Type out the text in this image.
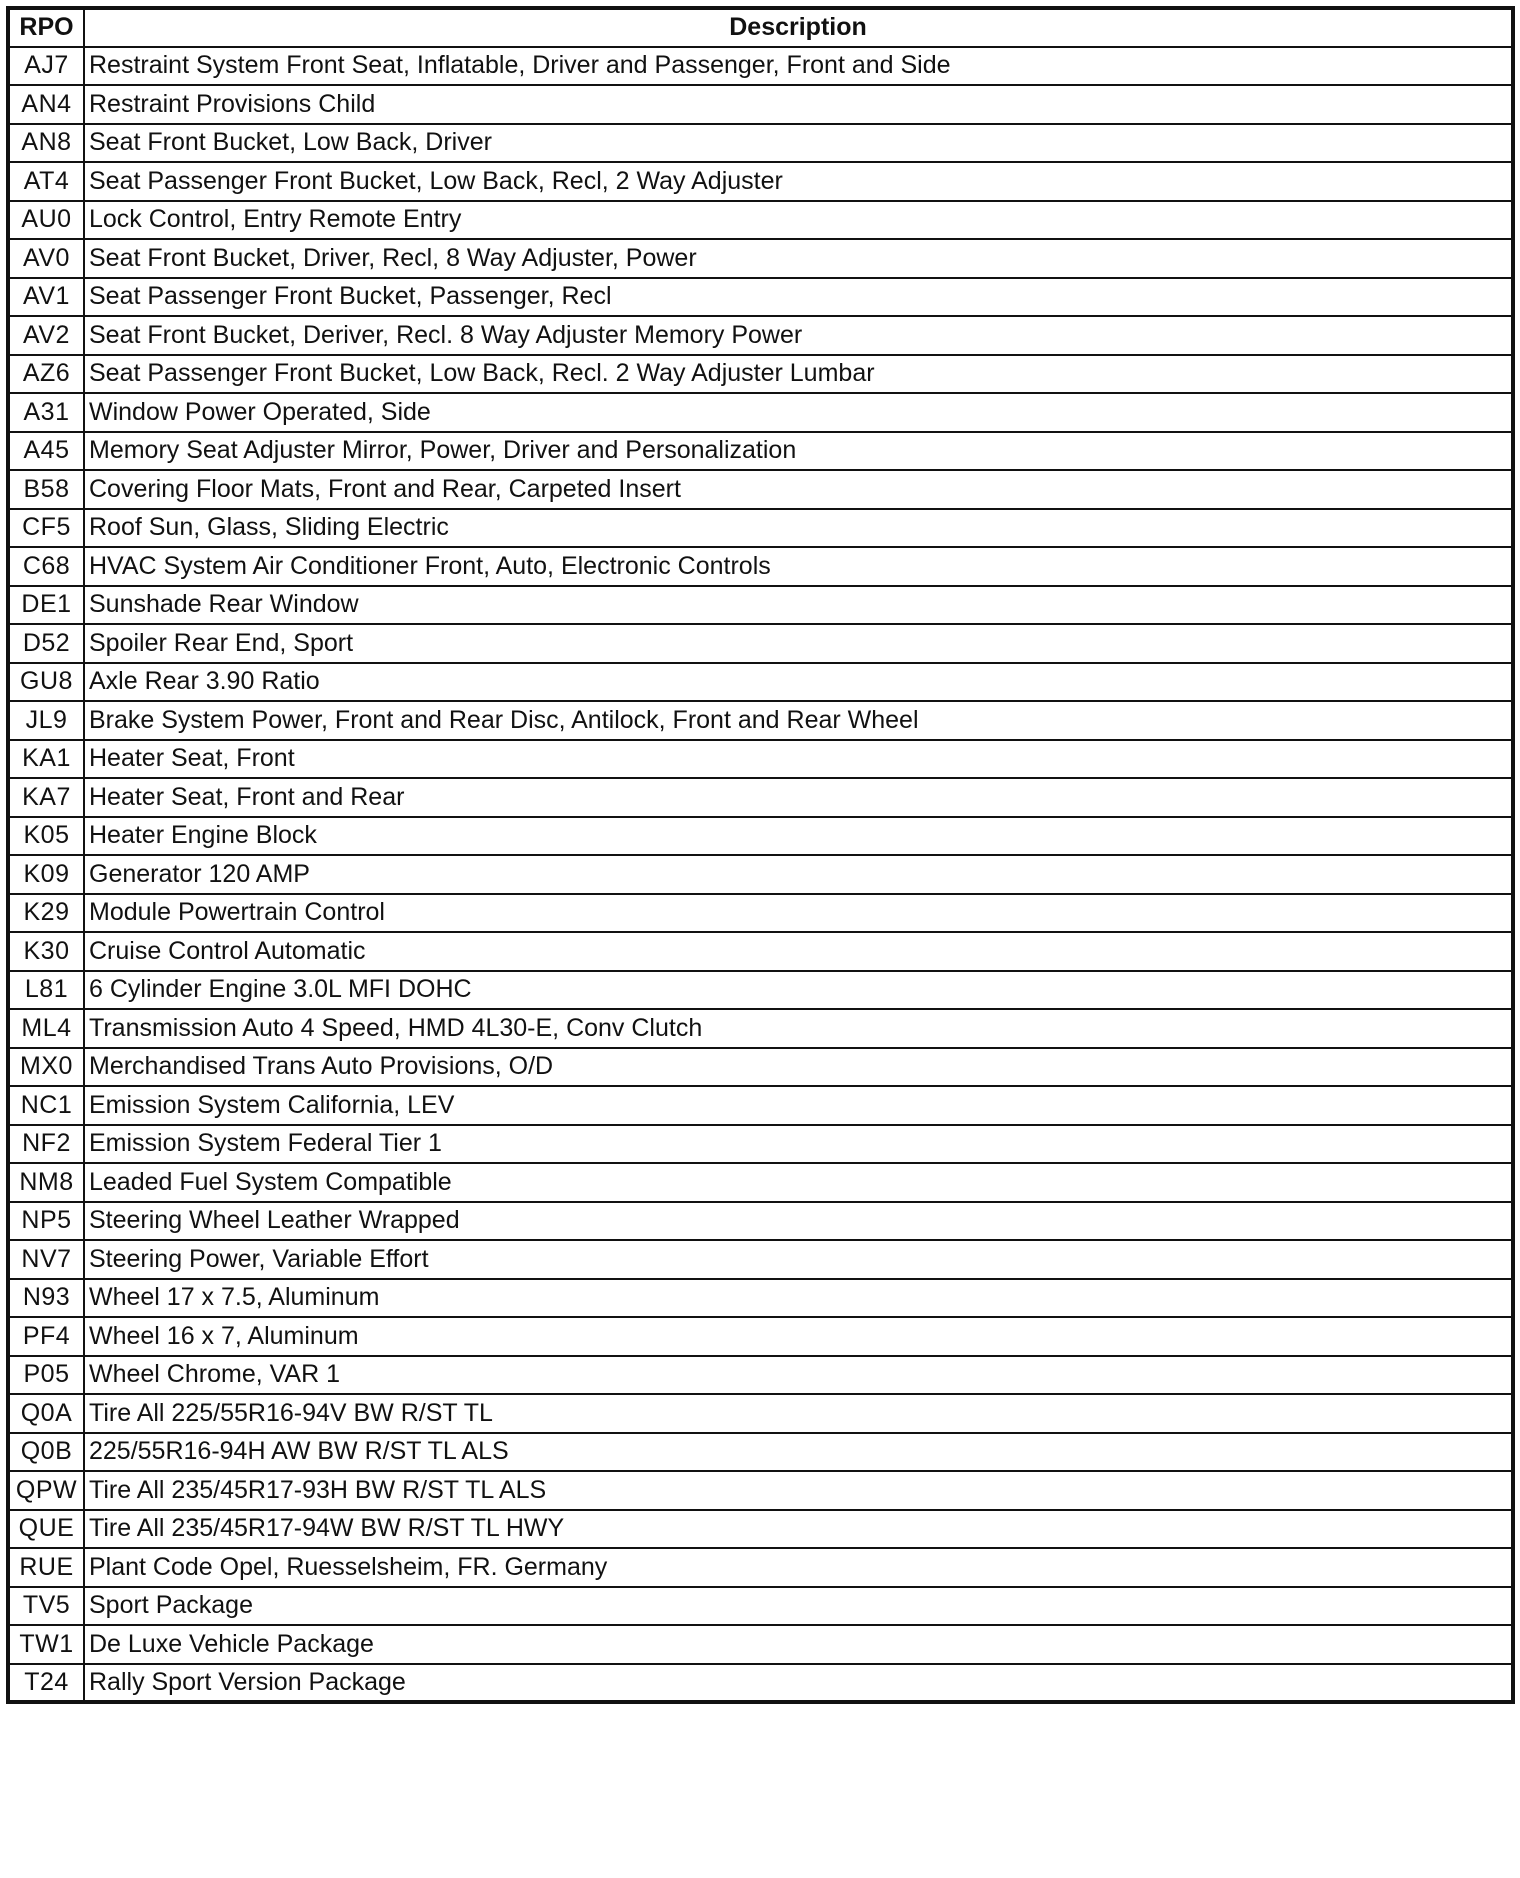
RPO	Description
AJ7	Restraint System Front Seat, Inflatable, Driver and Passenger, Front and Side
AN4	Restraint Provisions Child
AN8	Seat Front Bucket, Low Back, Driver
AT4	Seat Passenger Front Bucket, Low Back, Recl, 2 Way Adjuster
AU0	Lock Control, Entry Remote Entry
AV0	Seat Front Bucket, Driver, Recl, 8 Way Adjuster, Power
AV1	Seat Passenger Front Bucket, Passenger, Recl
AV2	Seat Front Bucket, Deriver, Recl. 8 Way Adjuster Memory Power
AZ6	Seat Passenger Front Bucket, Low Back, Recl. 2 Way Adjuster Lumbar
A31	Window Power Operated, Side
A45	Memory Seat Adjuster Mirror, Power, Driver and Personalization
B58	Covering Floor Mats, Front and Rear, Carpeted Insert
CF5	Roof Sun, Glass, Sliding Electric
C68	HVAC System Air Conditioner Front, Auto, Electronic Controls
DE1	Sunshade Rear Window
D52	Spoiler Rear End, Sport
GU8	Axle Rear 3.90 Ratio
JL9	Brake System Power, Front and Rear Disc, Antilock, Front and Rear Wheel
KA1	Heater Seat, Front
KA7	Heater Seat, Front and Rear
K05	Heater Engine Block
K09	Generator 120 AMP
K29	Module Powertrain Control
K30	Cruise Control Automatic
L81	6 Cylinder Engine 3.0L MFI DOHC
ML4	Transmission Auto 4 Speed, HMD 4L30-E, Conv Clutch
MX0	Merchandised Trans Auto Provisions, O/D
NC1	Emission System California, LEV
NF2	Emission System Federal Tier 1
NM8	Leaded Fuel System Compatible
NP5	Steering Wheel Leather Wrapped
NV7	Steering Power, Variable Effort
N93	Wheel 17 x 7.5, Aluminum
PF4	Wheel 16 x 7, Aluminum
P05	Wheel Chrome, VAR 1
Q0A	Tire All 225/55R16-94V BW R/ST TL
Q0B	225/55R16-94H AW BW R/ST TL ALS
QPW	Tire All 235/45R17-93H BW R/ST TL ALS
QUE	Tire All 235/45R17-94W BW R/ST TL HWY
RUE	Plant Code Opel, Ruesselsheim, FR. Germany
TV5	Sport Package
TW1	De Luxe Vehicle Package
T24	Rally Sport Version Package
